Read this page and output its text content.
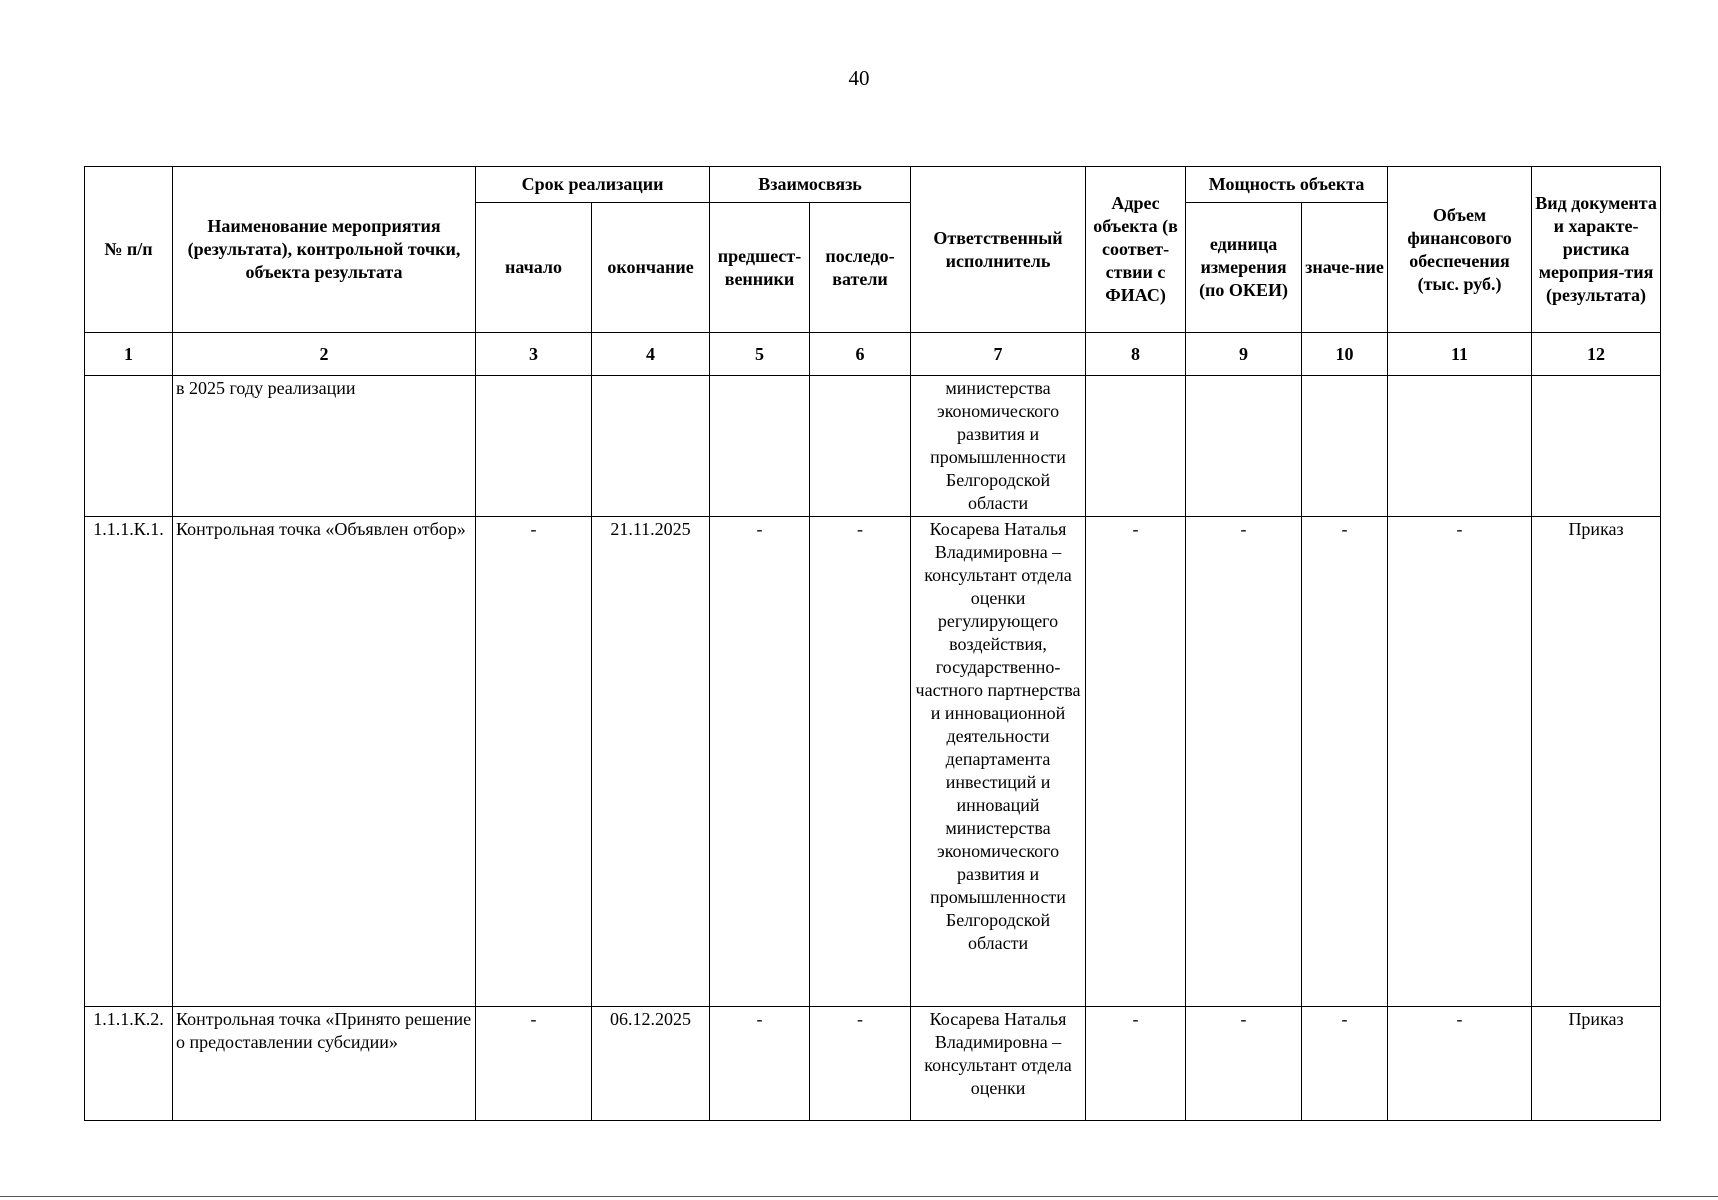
40
№ п/п	Наименование мероприятия (результата), контрольной точки, объекта результата	Срок реализации		Взаимосвязь		Ответственный исполнитель	Адрес объекта (в соответ-ствии с ФИАС)	Мощность объекта		Объем финансового обеспечения (тыс. руб.)	Вид документа и характе-ристика мероприя-тия (результата)
		начало	окончание	предшест-венники	последо-ватели			единица измерения (по ОКЕИ)	значе-ние		
1	2	3	4	5	6	7	8	9	10	11	12
	в 2025 году реализации					министерства экономического развития и промышленности Белгородской области					
1.1.1.К.1.	Контрольная точка «Объявлен отбор»	-	21.11.2025	-	-	Косарева Наталья Владимировна – консультант отдела оценки регулирующего воздействия, государственно-частного партнерства и инновационной деятельности департамента инвестиций и инноваций министерства экономического развития и промышленности Белгородской области	-	-	-	-	Приказ
1.1.1.К.2.	Контрольная точка «Принято решение о предоставлении субсидии»	-	06.12.2025	-	-	Косарева Наталья Владимировна – консультант отдела оценки	-	-	-	-	Приказ
